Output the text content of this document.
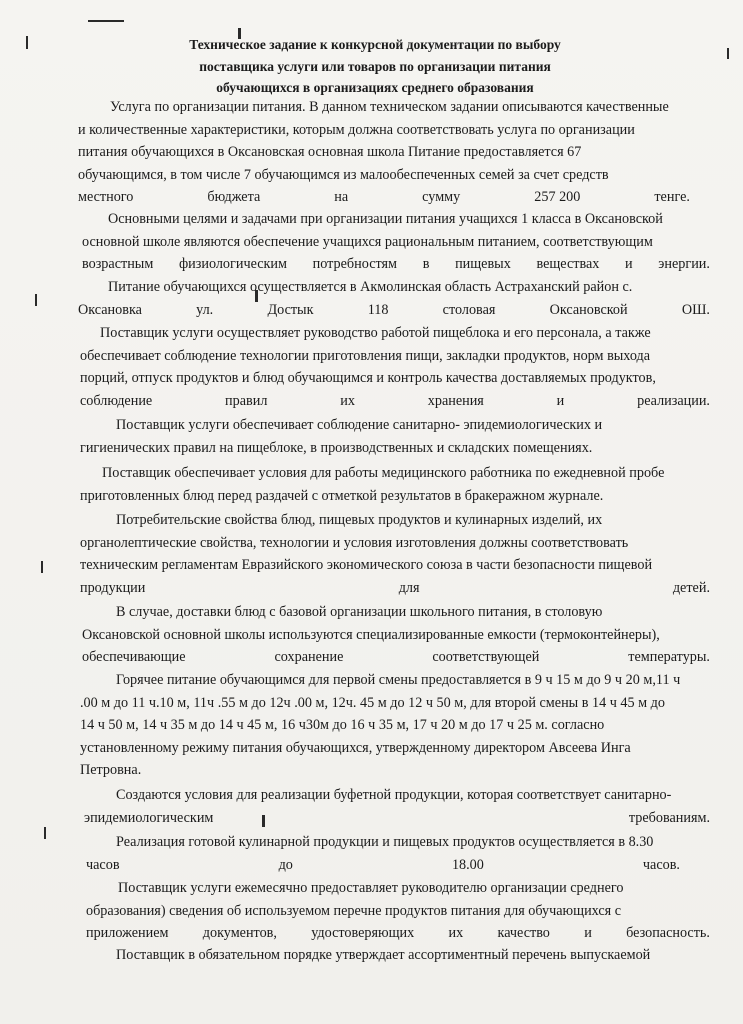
Техническое задание к конкурсной документации по выбору
поставщика услуги или товаров по организации питания
обучающихся в организациях среднего образования
Услуга по организации питания. В данном техническом задании описываются качественные
и количественные характеристики, которым должна соответствовать услуга по организации
питания обучающихся в Оксановская основная школа Питание предоставляется 67
обучающимся, в том числе 7 обучающимся из малообеспеченных семей за счет средств
местного	бюджета	на	сумму	257 200	тенге.
Основными целями и задачами при организации питания учащихся 1 класса в Оксановской
основной школе являются обеспечение учащихся рациональным питанием, соответствующим
возрастным физиологическим потребностям в пищевых веществах и энергии.
Питание обучающихся осуществляется в Акмолинская область Астраханский район с.
Оксановка	ул.	Достык	118	столовая	Оксановской	ОШ.
Поставщик услуги осуществляет руководство работой пищеблока и его персонала, а также
обеспечивает соблюдение технологии приготовления пищи, закладки продуктов, норм выхода
порций, отпуск продуктов и блюд обучающимся и контроль качества доставляемых продуктов,
соблюдение	правил	их	хранения	и	реализации.
Поставщик услуги обеспечивает соблюдение санитарно- эпидемиологических и
гигиенических правил на пищеблоке, в производственных и складских помещениях.
Поставщик обеспечивает условия для работы медицинского работника по ежедневной пробе
приготовленных блюд перед раздачей с отметкой результатов в бракеражном журнале.
Потребительские свойства блюд, пищевых продуктов и кулинарных изделий, их
органолептические свойства, технологии и условия изготовления должны соответствовать
техническим регламентам Евразийского экономического союза в части безопасности пищевой
продукции	для	детей.
В случае, доставки блюд с базовой организации школьного питания, в столовую
Оксановской основной школы используются специализированные емкости (термоконтейнеры),
обеспечивающие	сохранение	соответствующей	температуры.
Горячее питание обучающимся для первой смены предоставляется в 9 ч 15 м до 9 ч 20 м,11 ч
.00 м до 11 ч.10 м, 11ч .55 м до 12ч .00 м, 12ч. 45 м до 12 ч 50 м, для второй смены в 14 ч 45 м до
14 ч 50 м, 14 ч 35 м до 14 ч 45 м, 16 ч30м до 16 ч 35 м, 17 ч 20 м до 17 ч 25 м. согласно
установленному режиму питания обучающихся, утвержденному директором Авсеева Инга
Петровна.
Создаются условия для реализации буфетной продукции, которая соответствует санитарно-
эпидемиологическим	требованиям.
Реализация готовой кулинарной продукции и пищевых продуктов осуществляется в 8.30
часов	до	18.00	часов.
Поставщик услуги ежемесячно предоставляет руководителю организации среднего
образования) сведения об используемом перечне продуктов питания для обучающихся с
приложением документов, удостоверяющих их качество и безопасность.
Поставщик в обязательном порядке утверждает ассортиментный перечень выпускаемой
